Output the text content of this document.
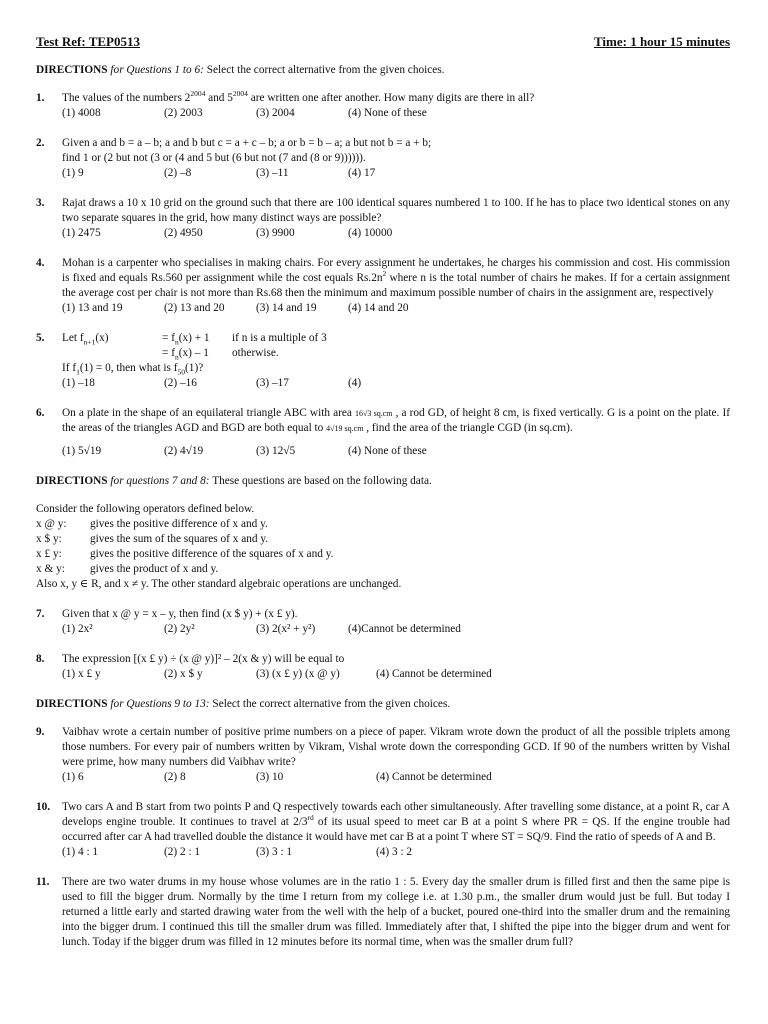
Test Ref: TEP0513	Time: 1 hour 15 minutes
DIRECTIONS for Questions 1 to 6: Select the correct alternative from the given choices.
1.	The values of the numbers $2^{2004}$ and $5^{2004}$ are written one after another. How many digits are there in all?
(1) 4008	(2) 2003	(3) 2004	(4) None of these
2.	Given a and b = a – b; a and b but c = a + c – b; a or b = b – a; a but not b = a + b;
find 1 or (2 but not (3 or (4 and 5 but (6 but not (7 and (8 or 9)))))).
(1) 9	(2) –8	(3) –11	(4) 17
3.	Rajat draws a 10 x 10 grid on the ground such that there are 100 identical squares numbered 1 to 100. If he has to place two identical stones on any two separate squares in the grid, how many distinct ways are possible?
(1) 2475	(2) 4950	(3) 9900	(4) 10000
4.	Mohan is a carpenter who specialises in making chairs. For every assignment he undertakes, he charges his commission and cost. His commission is fixed and equals Rs.560 per assignment while the cost equals $Rs.2n^2$ where n is the total number of chairs he makes. If for a certain assignment the average cost per chair is not more than Rs.68 then the minimum and maximum possible number of chairs in the assignment are, respectively
(1) 13 and 19	(2) 13 and 20	(3) 14 and 19	(4) 14 and 20
5.	Let $f_{n+1}(x)$	= $f_n(x) + 1$	if n is a multiple of 3
= $f_n(x) - 1$	otherwise.
If $f_1(1) = 0$, then what is $f_{50}(1)$?
(1) –18	(2) –16	(3) –17	(4)
6.	On a plate in the shape of an equilateral triangle ABC with area 16√3 sq.cm , a rod GD, of height 8 cm, is fixed vertically. G is a point on the plate. If the areas of the triangles AGD and BGD are both equal to 4√19 sq.cm , find the area of the triangle CGD (in sq.cm).
(1) 5√19	(2) 4√19	(3) 12√5	(4) None of these
DIRECTIONS for questions 7 and 8: These questions are based on the following data.
Consider the following operators defined below.
x @ y:	gives the positive difference of x and y.
x $ y:	gives the sum of the squares of x and y.
x £ y:	gives the positive difference of the squares of x and y.
x & y:	gives the product of x and y.
Also x, y ∈ R, and x ≠ y. The other standard algebraic operations are unchanged.
7.	Given that x @ y = x – y, then find (x $ y) + (x £ y).
(1) 2x²	(2) 2y²	(3) 2(x² + y²)	(4)Cannot be determined
8.	The expression [(x £ y) ÷ (x @ y)]² – 2(x & y) will be equal to
(1) x £ y	(2) x $ y	(3) (x £ y) (x @ y)	(4) Cannot be determined
DIRECTIONS for Questions 9 to 13: Select the correct alternative from the given choices.
9.	Vaibhav wrote a certain number of positive prime numbers on a piece of paper. Vikram wrote down the product of all the possible triplets among those numbers. For every pair of numbers written by Vikram, Vishal wrote down the corresponding GCD. If 90 of the numbers written by Vishal were prime, how many numbers did Vaibhav write?
(1) 6	(2) 8	(3) 10	(4) Cannot be determined
10.	Two cars A and B start from two points P and Q respectively towards each other simultaneously. After travelling some distance, at a point R, car A develops engine trouble. It continues to travel at 2/3rd of its usual speed to meet car B at a point S where PR = QS. If the engine trouble had occurred after car A had travelled double the distance it would have met car B at a point T where ST = SQ/9. Find the ratio of speeds of A and B.
(1) 4 : 1	(2) 2 : 1	(3) 3 : 1	(4) 3 : 2
11.	There are two water drums in my house whose volumes are in the ratio 1 : 5. Every day the smaller drum is filled first and then the same pipe is used to fill the bigger drum. Normally by the time I return from my college i.e. at 1.30 p.m., the smaller drum would just be full. But today I returned a little early and started drawing water from the well with the help of a bucket, poured one-third into the smaller drum and the remaining into the bigger drum. I continued this till the smaller drum was filled. Immediately after that, I shifted the pipe into the bigger drum and went for lunch. Today if the bigger drum was filled in 12 minutes before its normal time, when was the smaller drum full?
